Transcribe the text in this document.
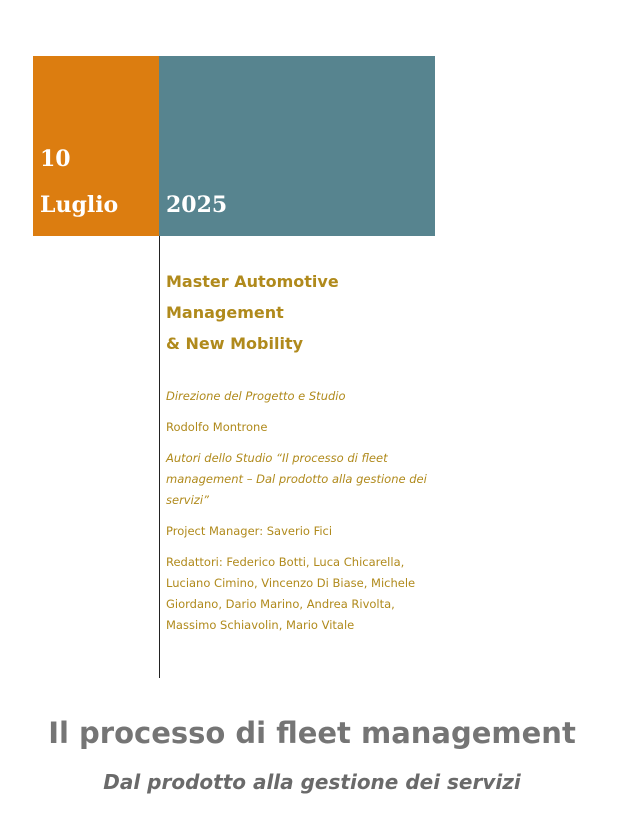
10
Luglio 2025
Master Automotive
Management
& New Mobility

Direzione del Progetto e Studio

Rodolfo Montrone

Autori dello Studio “Il processo di fleet management – Dal prodotto alla gestione dei servizi”

Project Manager: Saverio Fici

Redattori: Federico Botti, Luca Chicarella, Luciano Cimino, Vincenzo Di Biase, Michele Giordano, Dario Marino, Andrea Rivolta, Massimo Schiavolin, Mario Vitale

Il processo di fleet management
Dal prodotto alla gestione dei servizi
